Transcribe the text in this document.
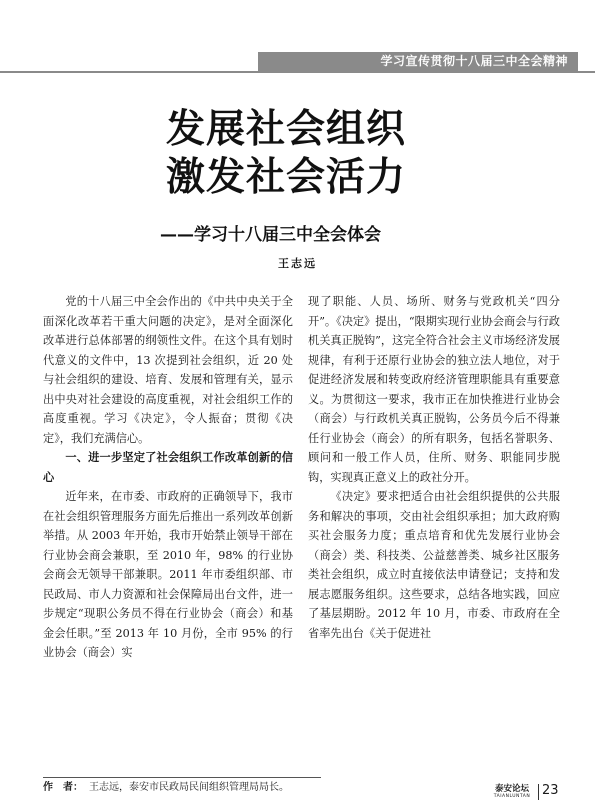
学习宣传贯彻十八届三中全会精神
发展社会组织
激发社会活力
——学习十八届三中全会体会
王志远

党的十八届三中全会作出的《中共中央关于全面深化改革若干重大问题的决定》，是对全面深化改革进行总体部署的纲领性文件。在这个具有划时代意义的文件中，13 次提到社会组织，近 20 处与社会组织的建设、培育、发展和管理有关，显示出中央对社会建设的高度重视，对社会组织工作的高度重视。学习《决定》，令人振奋；贯彻《决定》，我们充满信心。

一、进一步坚定了社会组织工作改革创新的信心

近年来，在市委、市政府的正确领导下，我市在社会组织管理服务方面先后推出一系列改革创新举措。从 2003 年开始，我市开始禁止领导干部在行业协会商会兼职，至 2010 年，98% 的行业协会商会无领导干部兼职。2011 年市委组织部、市民政局、市人力资源和社会保障局出台文件，进一步规定“现职公务员不得在行业协会（商会）和基金会任职。”至 2013 年 10 月份，全市 95% 的行业协会（商会）实

现了职能、人员、场所、财务与党政机关“四分开”。《决定》提出，“限期实现行业协会商会与行政机关真正脱钩”，这完全符合社会主义市场经济发展规律，有利于还原行业协会的独立法人地位，对于促进经济发展和转变政府经济管理职能具有重要意义。为贯彻这一要求，我市正在加快推进行业协会（商会）与行政机关真正脱钩，公务员今后不得兼任行业协会（商会）的所有职务，包括名誉职务、顾问和一般工作人员，住所、财务、职能同步脱钩，实现真正意义上的政社分开。

《决定》要求把适合由社会组织提供的公共服务和解决的事项，交由社会组织承担；加大政府购买社会服务力度；重点培育和优先发展行业协会（商会）类、科技类、公益慈善类、城乡社区服务类社会组织，成立时直接依法申请登记；支持和发展志愿服务组织。这些要求，总结各地实践，回应了基层期盼。2012 年 10 月，市委、市政府在全省率先出台《关于促进社

作　者： 王志远，泰安市民政局民间组织管理局局长。	泰安论坛
TAIANLUNTAN 23
